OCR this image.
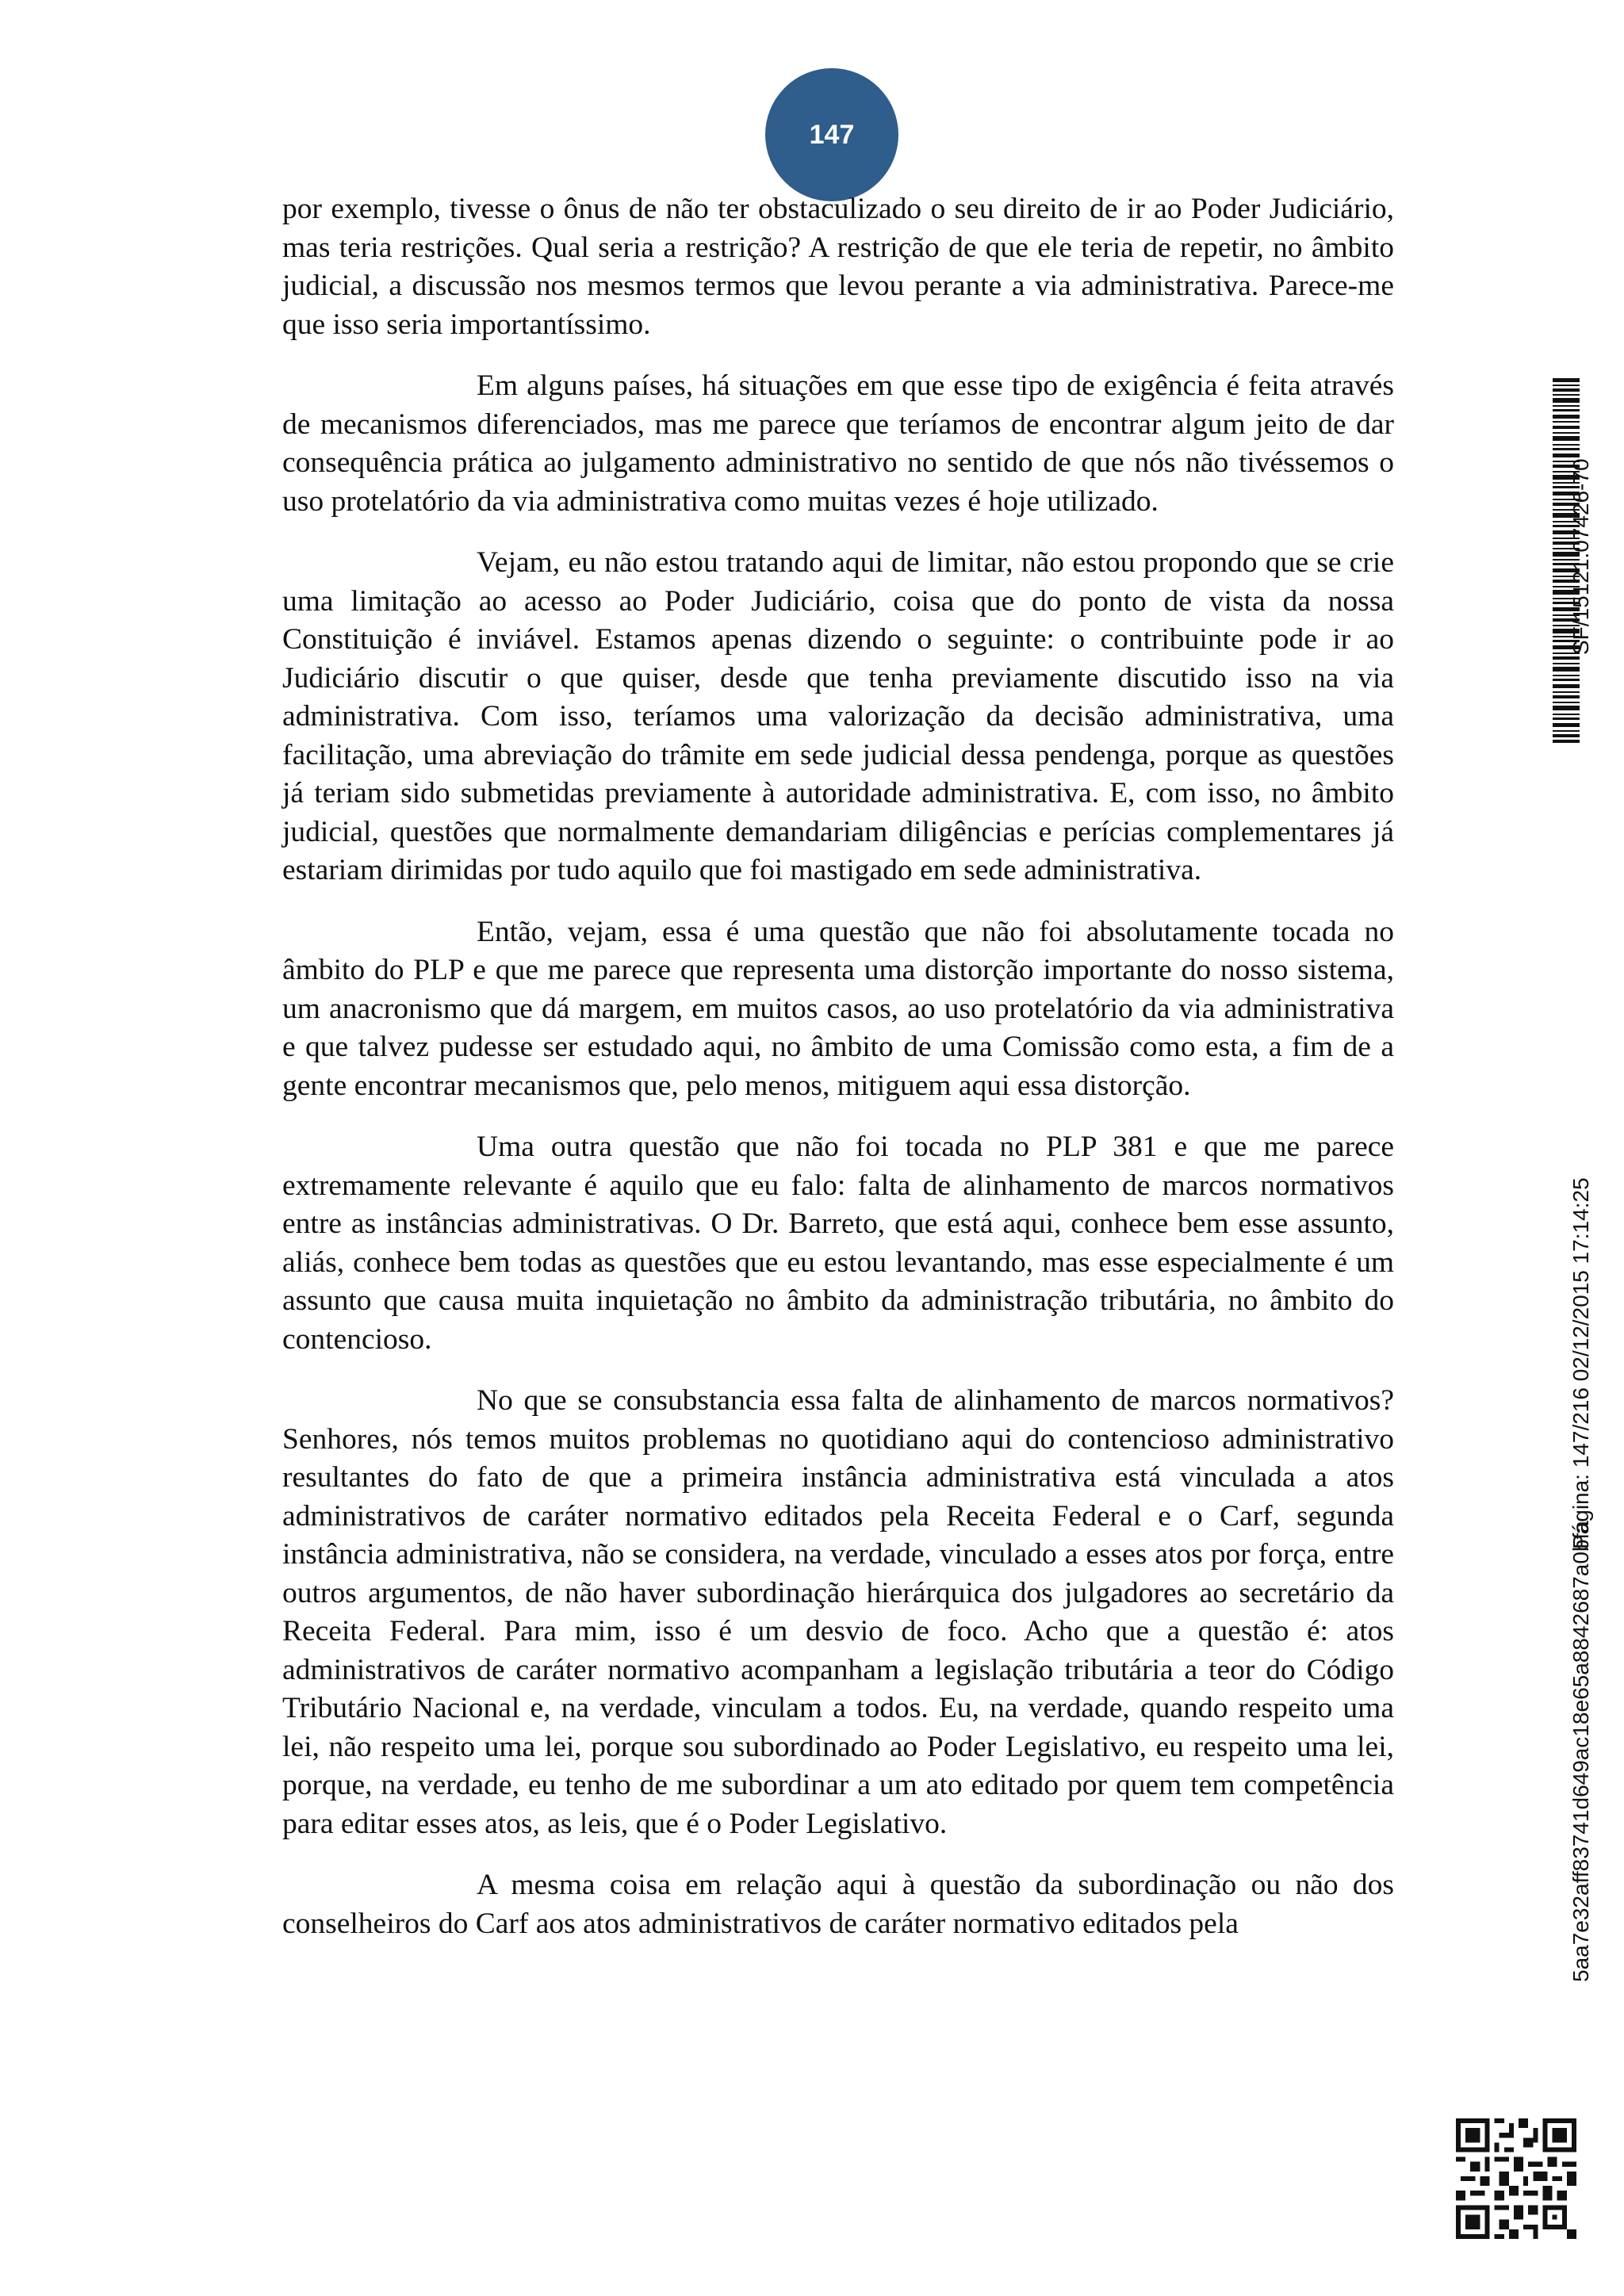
147

por exemplo, tivesse o ônus de não ter obstaculizado o seu direito de ir ao Poder Judiciário, mas teria restrições. Qual seria a restrição? A restrição de que ele teria de repetir, no âmbito judicial, a discussão nos mesmos termos que levou perante a via administrativa. Parece-me que isso seria importantíssimo.

Em alguns países, há situações em que esse tipo de exigência é feita através de mecanismos diferenciados, mas me parece que teríamos de encontrar algum jeito de dar consequência prática ao julgamento administrativo no sentido de que nós não tivéssemos o uso protelatório da via administrativa como muitas vezes é hoje utilizado.

Vejam, eu não estou tratando aqui de limitar, não estou propondo que se crie uma limitação ao acesso ao Poder Judiciário, coisa que do ponto de vista da nossa Constituição é inviável. Estamos apenas dizendo o seguinte: o contribuinte pode ir ao Judiciário discutir o que quiser, desde que tenha previamente discutido isso na via administrativa. Com isso, teríamos uma valorização da decisão administrativa, uma facilitação, uma abreviação do trâmite em sede judicial dessa pendenga, porque as questões já teriam sido submetidas previamente à autoridade administrativa. E, com isso, no âmbito judicial, questões que normalmente demandariam diligências e perícias complementares já estariam dirimidas por tudo aquilo que foi mastigado em sede administrativa.

Então, vejam, essa é uma questão que não foi absolutamente tocada no âmbito do PLP e que me parece que representa uma distorção importante do nosso sistema, um anacronismo que dá margem, em muitos casos, ao uso protelatório da via administrativa e que talvez pudesse ser estudado aqui, no âmbito de uma Comissão como esta, a fim de a gente encontrar mecanismos que, pelo menos, mitiguem aqui essa distorção.

Uma outra questão que não foi tocada no PLP 381 e que me parece extremamente relevante é aquilo que eu falo: falta de alinhamento de marcos normativos entre as instâncias administrativas. O Dr. Barreto, que está aqui, conhece bem esse assunto, aliás, conhece bem todas as questões que eu estou levantando, mas esse especialmente é um assunto que causa muita inquietação no âmbito da administração tributária, no âmbito do contencioso.

No que se consubstancia essa falta de alinhamento de marcos normativos? Senhores, nós temos muitos problemas no quotidiano aqui do contencioso administrativo resultantes do fato de que a primeira instância administrativa está vinculada a atos administrativos de caráter normativo editados pela Receita Federal e o Carf, segunda instância administrativa, não se considera, na verdade, vinculado a esses atos por força, entre outros argumentos, de não haver subordinação hierárquica dos julgadores ao secretário da Receita Federal. Para mim, isso é um desvio de foco. Acho que a questão é: atos administrativos de caráter normativo acompanham a legislação tributária a teor do Código Tributário Nacional e, na verdade, vinculam a todos. Eu, na verdade, quando respeito uma lei, não respeito uma lei, porque sou subordinado ao Poder Legislativo, eu respeito uma lei, porque, na verdade, eu tenho de me subordinar a um ato editado por quem tem competência para editar esses atos, as leis, que é o Poder Legislativo.

A mesma coisa em relação aqui à questão da subordinação ou não dos conselheiros do Carf aos atos administrativos de caráter normativo editados pela

SF/15121.07426-70
Página: 147/216 02/12/2015 17:14:25
5aa7e32aff83741d649ac18e65a8842687a0bfa
